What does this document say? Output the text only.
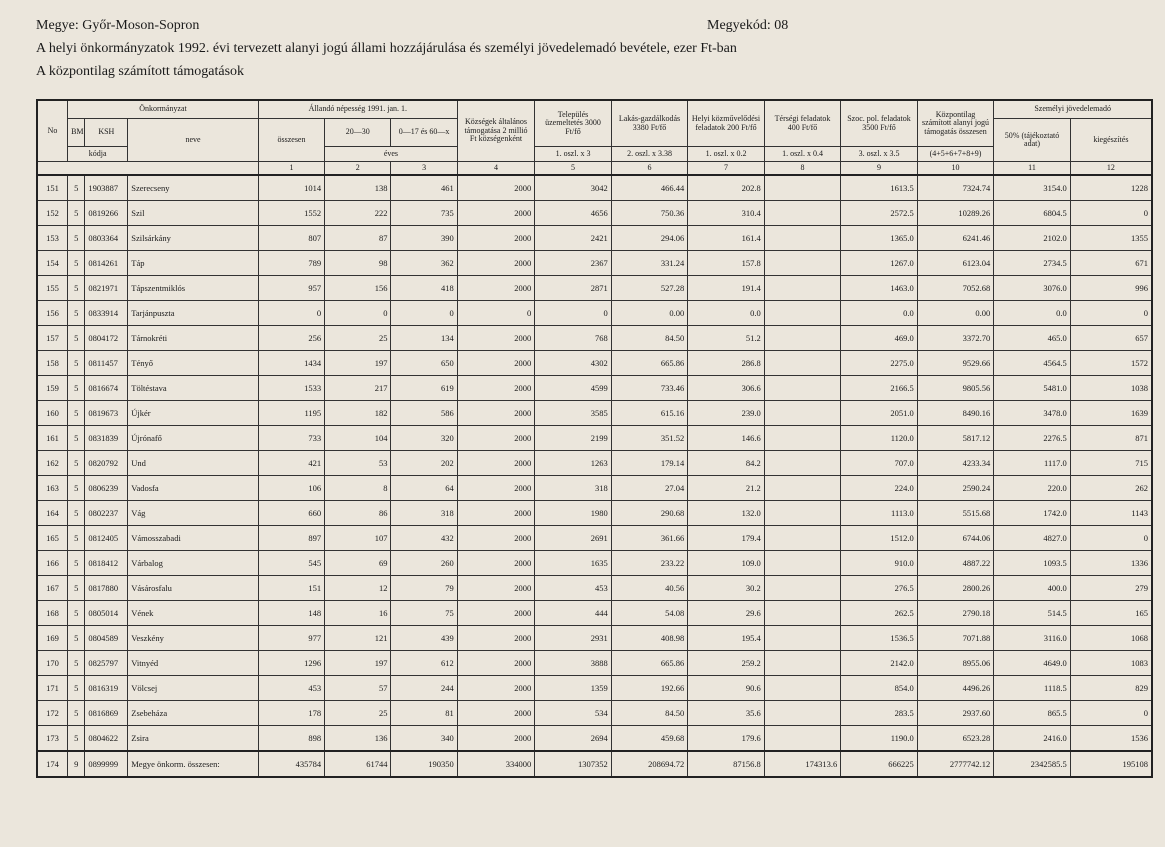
Megye: Győr-Moson-Sopron	Megyekód: 08
A helyi önkormányzatok 1992. évi tervezett alanyi jogú állami hozzájárulása és személyi jövedelemadó bevétele, ezer Ft-ban
A központilag számított támogatások
No	Önkormányzat			Állandó népesség 1991. jan. 1.			Községek általános támogatása 2 millió Ft községenként	Település üzemeltetés 3000 Ft/fő	Lakás-gazdálkodás 3380 Ft/fő	Helyi közművelődési feladatok 200 Ft/fő	Térségi feladatok 400 Ft/fő	Szoc. pol. feladatok 3500 Ft/fő	Központilag számított alanyi jogú támogatás összesen	Személyi jövedelemadó	
	BM	KSH	neve	összesen	20—30	0—17 és 60—x								50% (tájékoztató adat)	kiegészítés
	kódja				éves			1. oszl. x 3	2. oszl. x 3.38	1. oszl. x 0.2	1. oszl. x 0.4	3. oszl. x 3.5	(4+5+6+7+8+9)		
				1	2	3	4	5	6	7	8	9	10	11	12
151	5	1903887	Szerecseny	1014	138	461	2000	3042	466.44	202.8		1613.5	7324.74	3154.0	1228
152	5	0819266	Szil	1552	222	735	2000	4656	750.36	310.4		2572.5	10289.26	6804.5	0
153	5	0803364	Szilsárkány	807	87	390	2000	2421	294.06	161.4		1365.0	6241.46	2102.0	1355
154	5	0814261	Táp	789	98	362	2000	2367	331.24	157.8		1267.0	6123.04	2734.5	671
155	5	0821971	Tápszentmiklós	957	156	418	2000	2871	527.28	191.4		1463.0	7052.68	3076.0	996
156	5	0833914	Tarjánpuszta	0	0	0	0	0	0.00	0.0		0.0	0.00	0.0	0
157	5	0804172	Tárnokréti	256	25	134	2000	768	84.50	51.2		469.0	3372.70	465.0	657
158	5	0811457	Tényő	1434	197	650	2000	4302	665.86	286.8		2275.0	9529.66	4564.5	1572
159	5	0816674	Töltéstava	1533	217	619	2000	4599	733.46	306.6		2166.5	9805.56	5481.0	1038
160	5	0819673	Újkér	1195	182	586	2000	3585	615.16	239.0		2051.0	8490.16	3478.0	1639
161	5	0831839	Újrónafő	733	104	320	2000	2199	351.52	146.6		1120.0	5817.12	2276.5	871
162	5	0820792	Und	421	53	202	2000	1263	179.14	84.2		707.0	4233.34	1117.0	715
163	5	0806239	Vadosfa	106	8	64	2000	318	27.04	21.2		224.0	2590.24	220.0	262
164	5	0802237	Vág	660	86	318	2000	1980	290.68	132.0		1113.0	5515.68	1742.0	1143
165	5	0812405	Vámosszabadi	897	107	432	2000	2691	361.66	179.4		1512.0	6744.06	4827.0	0
166	5	0818412	Várbalog	545	69	260	2000	1635	233.22	109.0		910.0	4887.22	1093.5	1336
167	5	0817880	Vásárosfalu	151	12	79	2000	453	40.56	30.2		276.5	2800.26	400.0	279
168	5	0805014	Vének	148	16	75	2000	444	54.08	29.6		262.5	2790.18	514.5	165
169	5	0804589	Veszkény	977	121	439	2000	2931	408.98	195.4		1536.5	7071.88	3116.0	1068
170	5	0825797	Vitnyéd	1296	197	612	2000	3888	665.86	259.2		2142.0	8955.06	4649.0	1083
171	5	0816319	Völcsej	453	57	244	2000	1359	192.66	90.6		854.0	4496.26	1118.5	829
172	5	0816869	Zsebeháza	178	25	81	2000	534	84.50	35.6		283.5	2937.60	865.5	0
173	5	0804622	Zsira	898	136	340	2000	2694	459.68	179.6		1190.0	6523.28	2416.0	1536
174	9	0899999	Megye önkorm. összesen:	435784	61744	190350	334000	1307352	208694.72	87156.8	174313.6	666225	2777742.12	2342585.5	195108
